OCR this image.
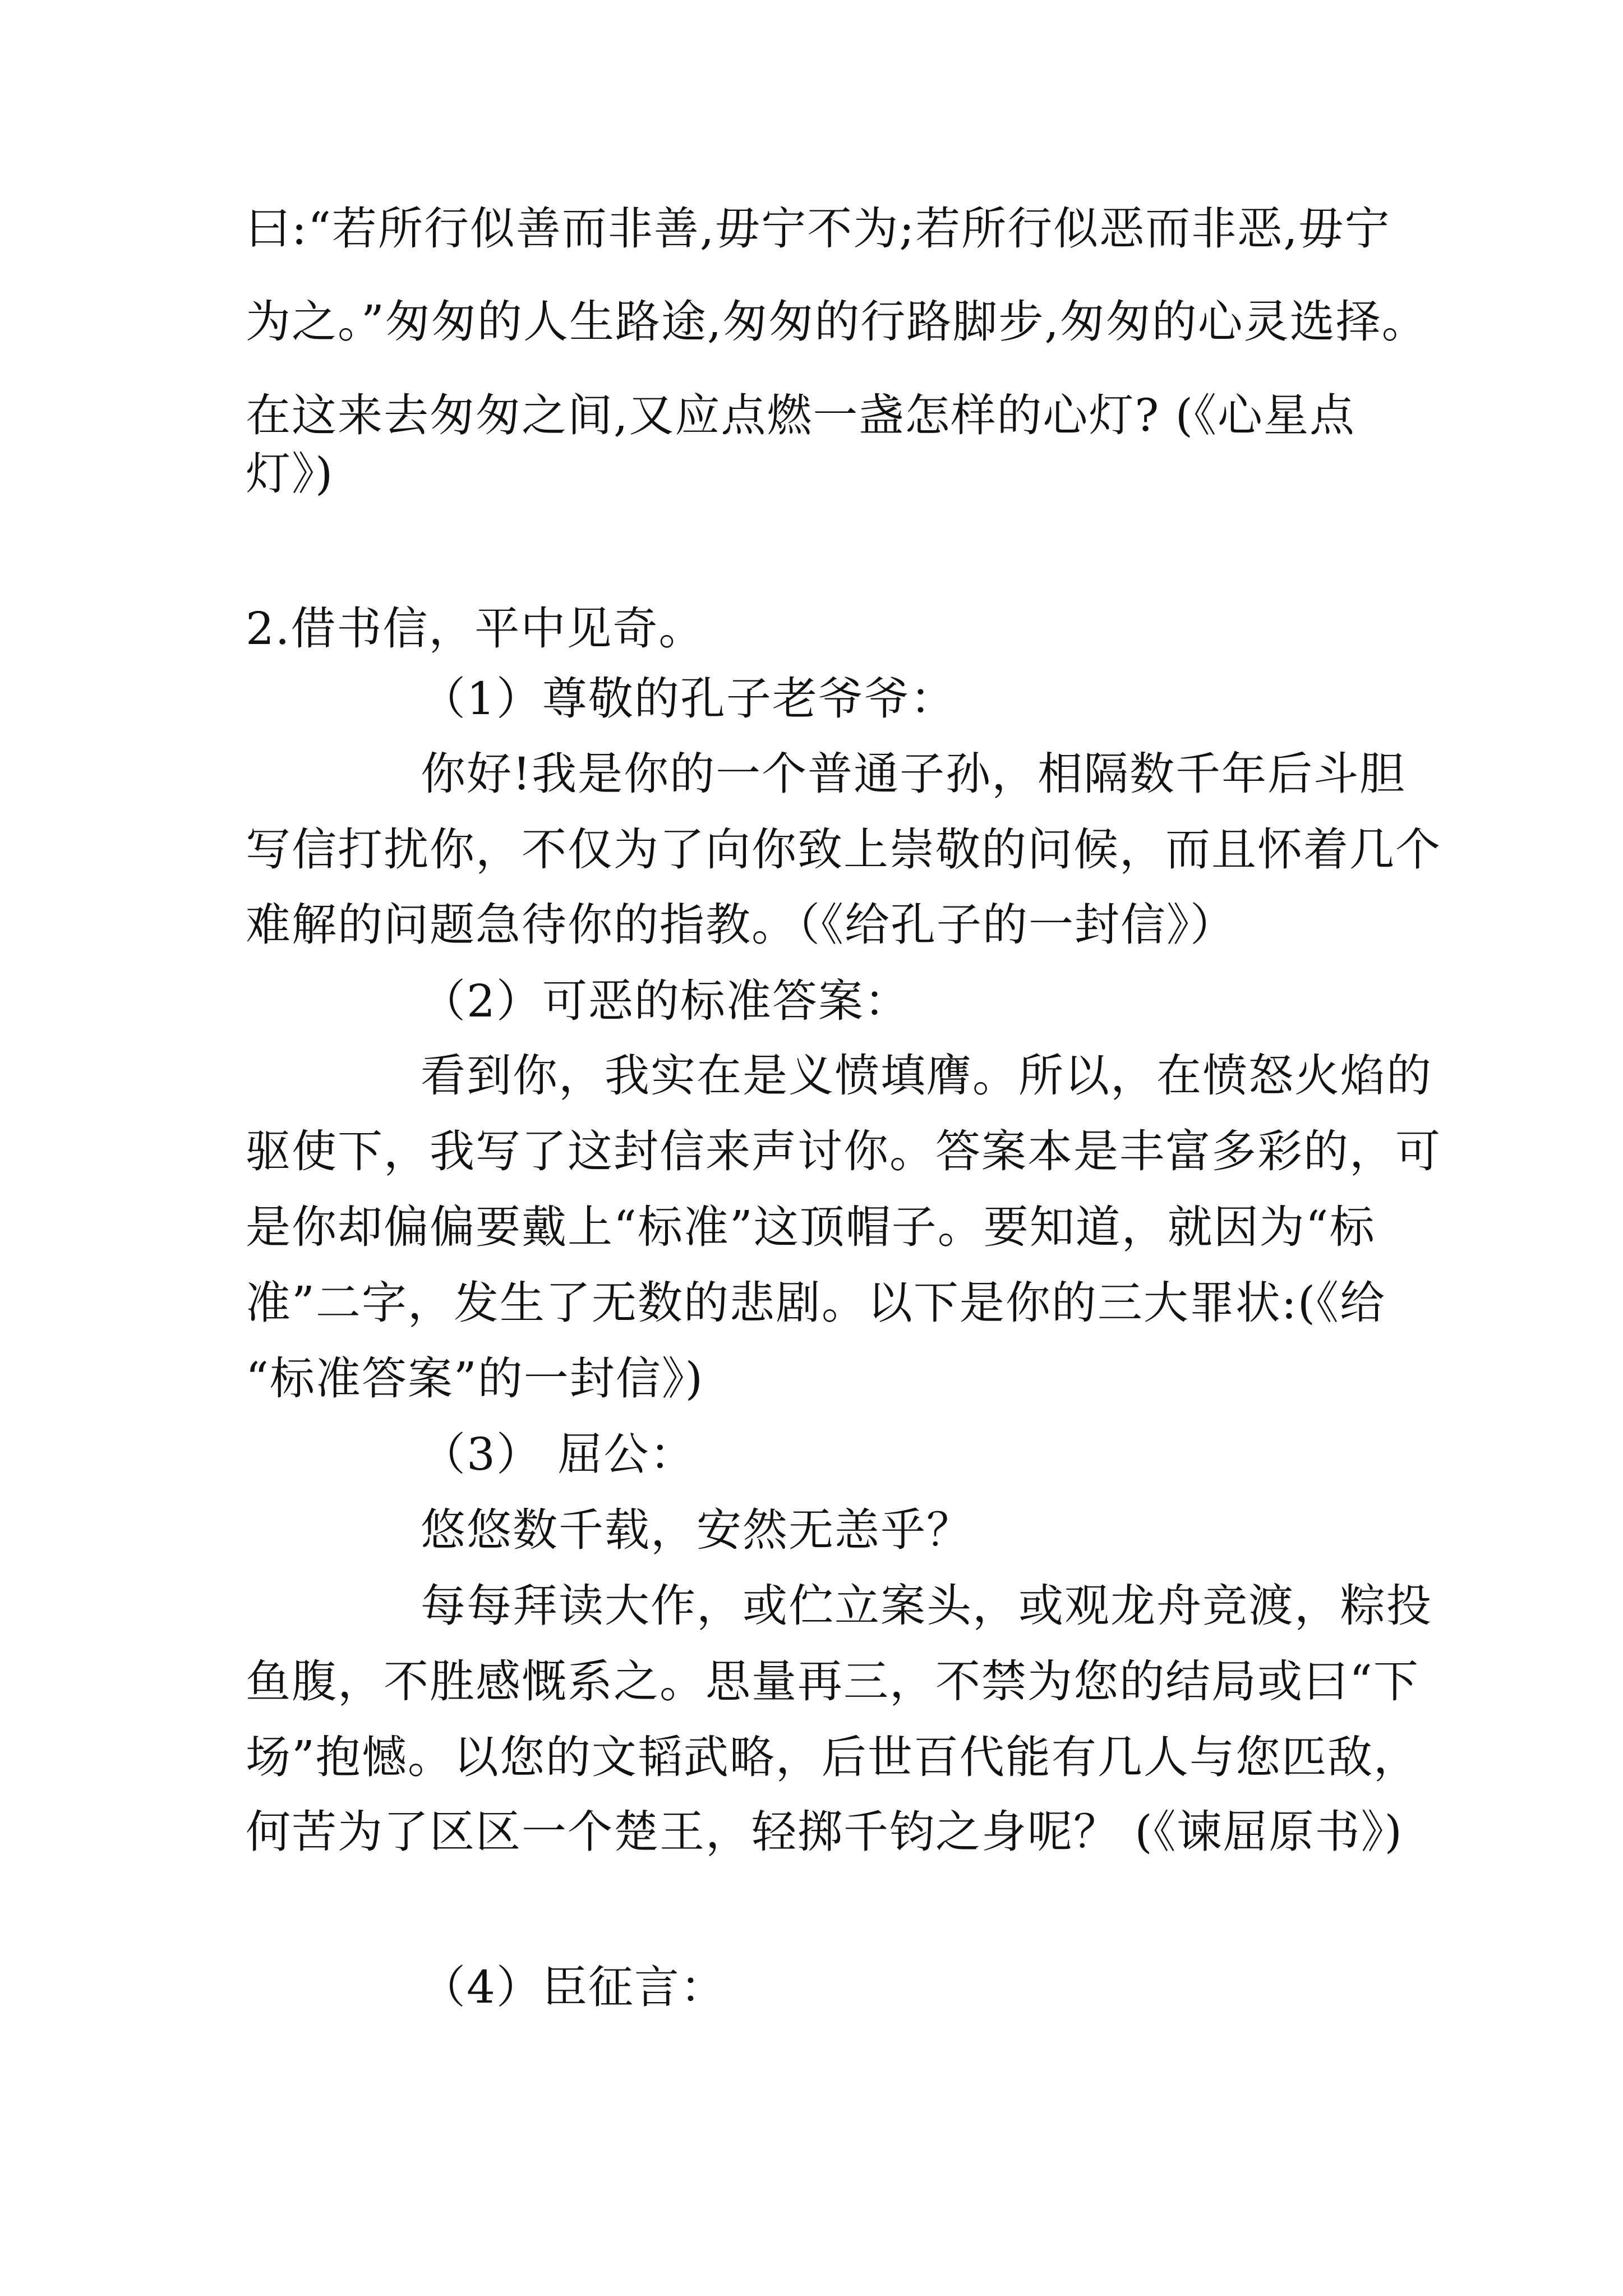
曰:“若所行似善而非善,毋宁不为;若所行似恶而非恶,毋宁
为之。”匆匆的人生路途,匆匆的行路脚步,匆匆的心灵选择。
在这来去匆匆之间,又应点燃一盏怎样的心灯? (《心星点
灯》)
2.借书信，平中见奇。
（1）尊敬的孔子老爷爷：
你好!我是你的一个普通子孙，相隔数千年后斗胆
写信打扰你，不仅为了向你致上崇敬的问候，而且怀着几个
难解的问题急待你的指教。（《给孔子的一封信》）
（2）可恶的标准答案：
看到你，我实在是义愤填膺。所以，在愤怒火焰的
驱使下，我写了这封信来声讨你。答案本是丰富多彩的，可
是你却偏偏要戴上“标准”这顶帽子。要知道，就因为“标
准”二字，发生了无数的悲剧。以下是你的三大罪状:(《给
“标准答案”的一封信》)
（3） 屈公：
悠悠数千载，安然无恙乎？
每每拜读大作，或伫立案头，或观龙舟竞渡，粽投
鱼腹，不胜感慨系之。思量再三，不禁为您的结局或曰“下
场”抱憾。以您的文韬武略，后世百代能有几人与您匹敌，
何苦为了区区一个楚王，轻掷千钧之身呢？ (《谏屈原书》)
（4）臣征言：
